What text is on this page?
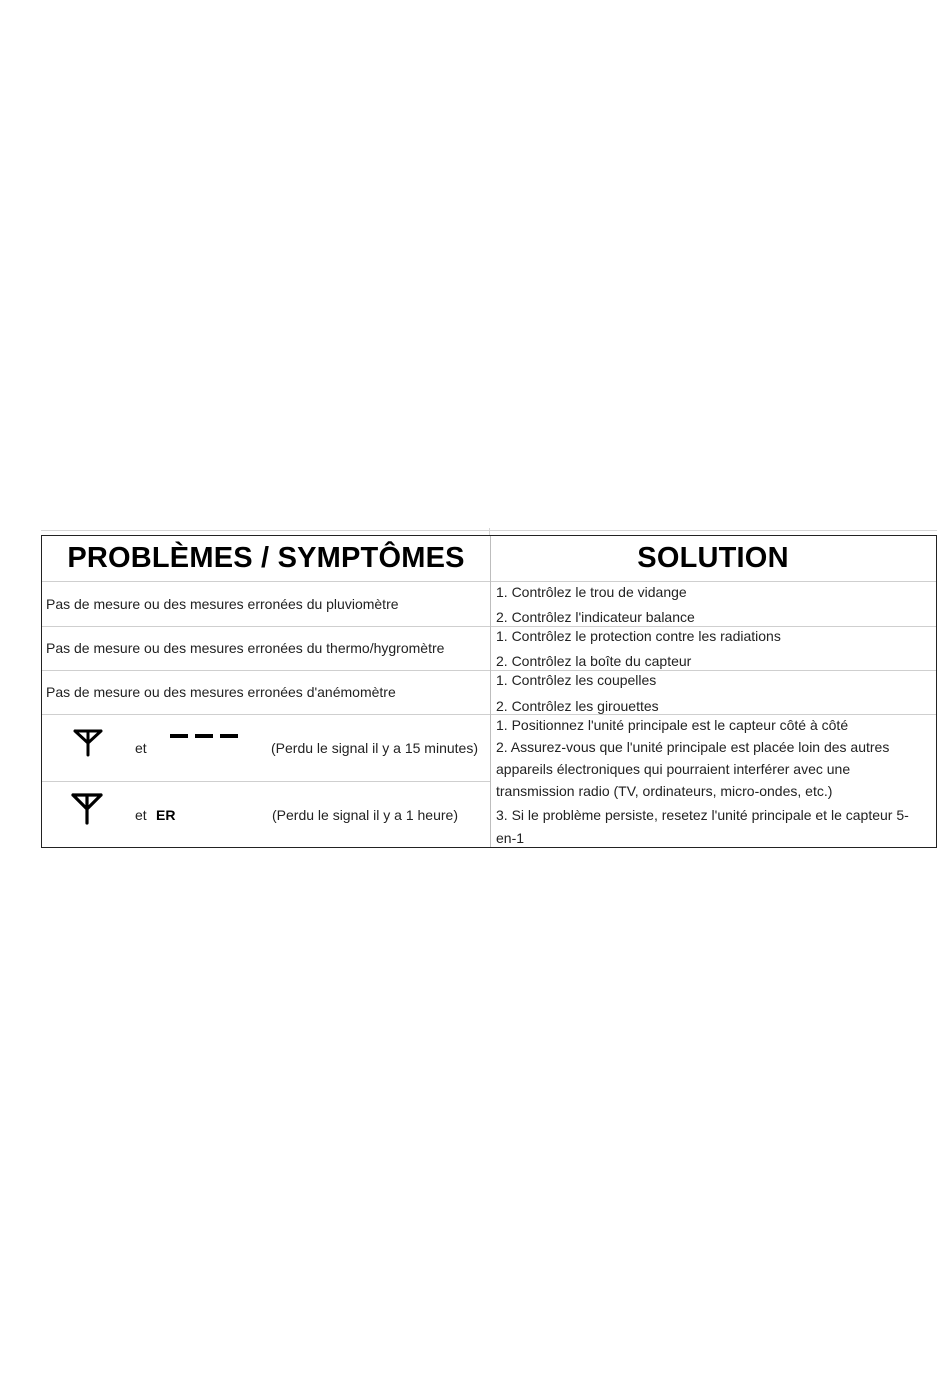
PROBLÈMES / SYMPTÔMES	SOLUTION
Pas de mesure ou des mesures erronées du pluviomètre
1. Contrôlez le trou de vidange
2. Contrôlez l'indicateur balance
Pas de mesure ou des mesures erronées du thermo/hygromètre
1. Contrôlez le protection contre les radiations
2. Contrôlez la boîte du capteur
Pas de mesure ou des mesures erronées d'anémomètre
1. Contrôlez les coupelles
2. Contrôlez les girouettes
et	(Perdu le signal il y a 15 minutes)
et ER	(Perdu le signal il y a 1 heure)
1. Positionnez l'unité principale est le capteur côté à côté
2. Assurez-vous que l'unité principale est placée loin des autres
appareils électroniques qui pourraient interférer avec une
transmission radio (TV, ordinateurs, micro-ondes, etc.)
3. Si le problème persiste, resetez l'unité principale et le capteur 5-
en-1
